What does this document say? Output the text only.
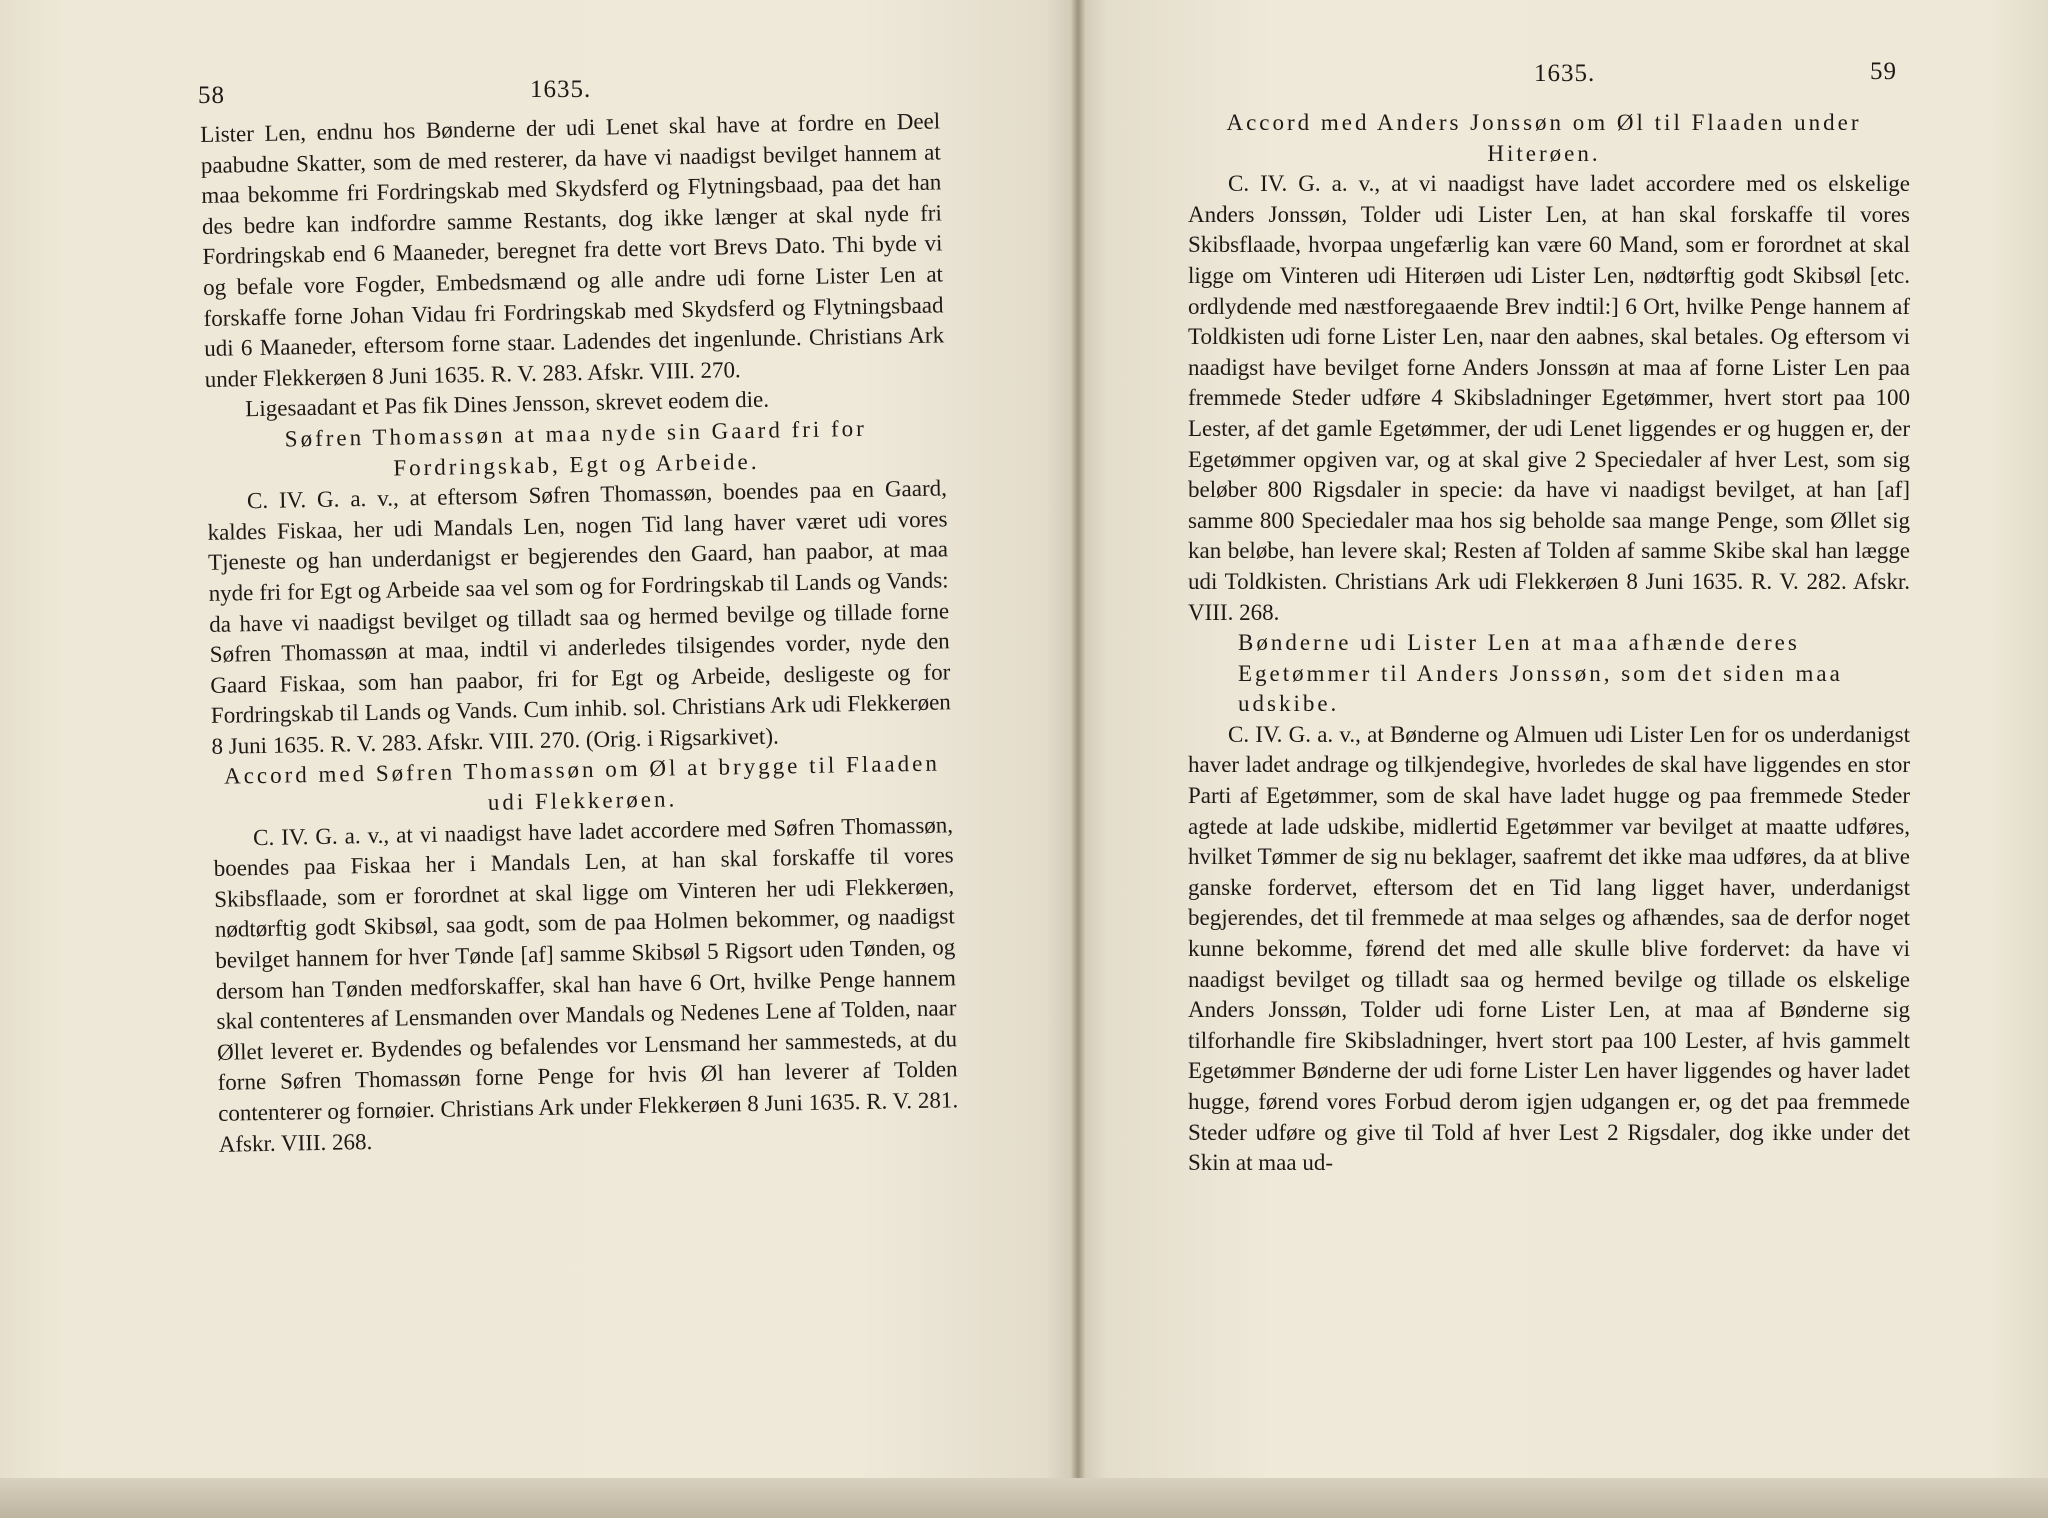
58	1635.

Lister Len, endnu hos Bønderne der udi Lenet skal have at fordre en Deel paabudne Skatter, som de med resterer, da have vi naadigst bevilget hannem at maa bekomme fri Fordringskab med Skydsferd og Flytningsbaad, paa det han des bedre kan indfordre samme Restants, dog ikke længer at skal nyde fri Fordringskab end 6 Maaneder, beregnet fra dette vort Brevs Dato. Thi byde vi og befale vore Fogder, Embedsmænd og alle andre udi forne Lister Len at forskaffe forne Johan Vidau fri Fordringskab med Skydsferd og Flytningsbaad udi 6 Maaneder, eftersom forne staar. Ladendes det ingenlunde. Christians Ark under Flekkerøen 8 Juni 1635. R. V. 283. Afskr. VIII. 270.

Ligesaadant et Pas fik Dines Jensson, skrevet eodem die.

Søfren Thomassøn at maa nyde sin Gaard fri for Fordringskab, Egt og Arbeide.

C. IV. G. a. v., at eftersom Søfren Thomassøn, boendes paa en Gaard, kaldes Fiskaa, her udi Mandals Len, nogen Tid lang haver været udi vores Tjeneste og han underdanigst er begjerendes den Gaard, han paabor, at maa nyde fri for Egt og Arbeide saa vel som og for Fordringskab til Lands og Vands: da have vi naadigst bevilget og tilladt saa og hermed bevilge og tillade forne Søfren Thomassøn at maa, indtil vi anderledes tilsigendes vorder, nyde den Gaard Fiskaa, som han paabor, fri for Egt og Arbeide, desligeste og for Fordringskab til Lands og Vands. Cum inhib. sol. Christians Ark udi Flekkerøen 8 Juni 1635. R. V. 283. Afskr. VIII. 270. (Orig. i Rigsarkivet).

Accord med Søfren Thomassøn om Øl at brygge til Flaaden udi Flekkerøen.

C. IV. G. a. v., at vi naadigst have ladet accordere med Søfren Thomassøn, boendes paa Fiskaa her i Mandals Len, at han skal forskaffe til vores Skibsflaade, som er forordnet at skal ligge om Vinteren her udi Flekkerøen, nødtørftig godt Skibsøl, saa godt, som de paa Holmen bekommer, og naadigst bevilget hannem for hver Tønde [af] samme Skibsøl 5 Rigsort uden Tønden, og dersom han Tønden medforskaffer, skal han have 6 Ort, hvilke Penge hannem skal contenteres af Lensmanden over Mandals og Nedenes Lene af Tolden, naar Øllet leveret er. Bydendes og befalendes vor Lensmand her sammesteds, at du forne Søfren Thomassøn forne Penge for hvis Øl han leverer af Tolden contenterer og fornøier. Christians Ark under Flekkerøen 8 Juni 1635. R. V. 281. Afskr. VIII. 268.

1635.	59

Accord med Anders Jonssøn om Øl til Flaaden under Hiterøen.

C. IV. G. a. v., at vi naadigst have ladet accordere med os elskelige Anders Jonssøn, Tolder udi Lister Len, at han skal forskaffe til vores Skibsflaade, hvorpaa ungefærlig kan være 60 Mand, som er forordnet at skal ligge om Vinteren udi Hiterøen udi Lister Len, nødtørftig godt Skibsøl [etc. ordlydende med næstforegaaende Brev indtil:] 6 Ort, hvilke Penge hannem af Toldkisten udi forne Lister Len, naar den aabnes, skal betales. Og eftersom vi naadigst have bevilget forne Anders Jonssøn at maa af forne Lister Len paa fremmede Steder udføre 4 Skibsladninger Egetømmer, hvert stort paa 100 Lester, af det gamle Egetømmer, der udi Lenet liggendes er og huggen er, der Egetømmer opgiven var, og at skal give 2 Speciedaler af hver Lest, som sig beløber 800 Rigsdaler in specie: da have vi naadigst bevilget, at han [af] samme 800 Speciedaler maa hos sig beholde saa mange Penge, som Øllet sig kan beløbe, han levere skal; Resten af Tolden af samme Skibe skal han lægge udi Toldkisten. Christians Ark udi Flekkerøen 8 Juni 1635. R. V. 282. Afskr. VIII. 268.

Bønderne udi Lister Len at maa afhænde deres Egetømmer til Anders Jonssøn, som det siden maa udskibe.

C. IV. G. a. v., at Bønderne og Almuen udi Lister Len for os underdanigst haver ladet andrage og tilkjendegive, hvorledes de skal have liggendes en stor Parti af Egetømmer, som de skal have ladet hugge og paa fremmede Steder agtede at lade udskibe, midlertid Egetømmer var bevilget at maatte udføres, hvilket Tømmer de sig nu beklager, saafremt det ikke maa udføres, da at blive ganske fordervet, eftersom det en Tid lang ligget haver, underdanigst begjerendes, det til fremmede at maa selges og afhændes, saa de derfor noget kunne bekomme, førend det med alle skulle blive fordervet: da have vi naadigst bevilget og tilladt saa og hermed bevilge og tillade os elskelige Anders Jonssøn, Tolder udi forne Lister Len, at maa af Bønderne sig tilforhandle fire Skibsladninger, hvert stort paa 100 Lester, af hvis gammelt Egetømmer Bønderne der udi forne Lister Len haver liggendes og haver ladet hugge, førend vores Forbud derom igjen udgangen er, og det paa fremmede Steder udføre og give til Told af hver Lest 2 Rigsdaler, dog ikke under det Skin at maa ud-
